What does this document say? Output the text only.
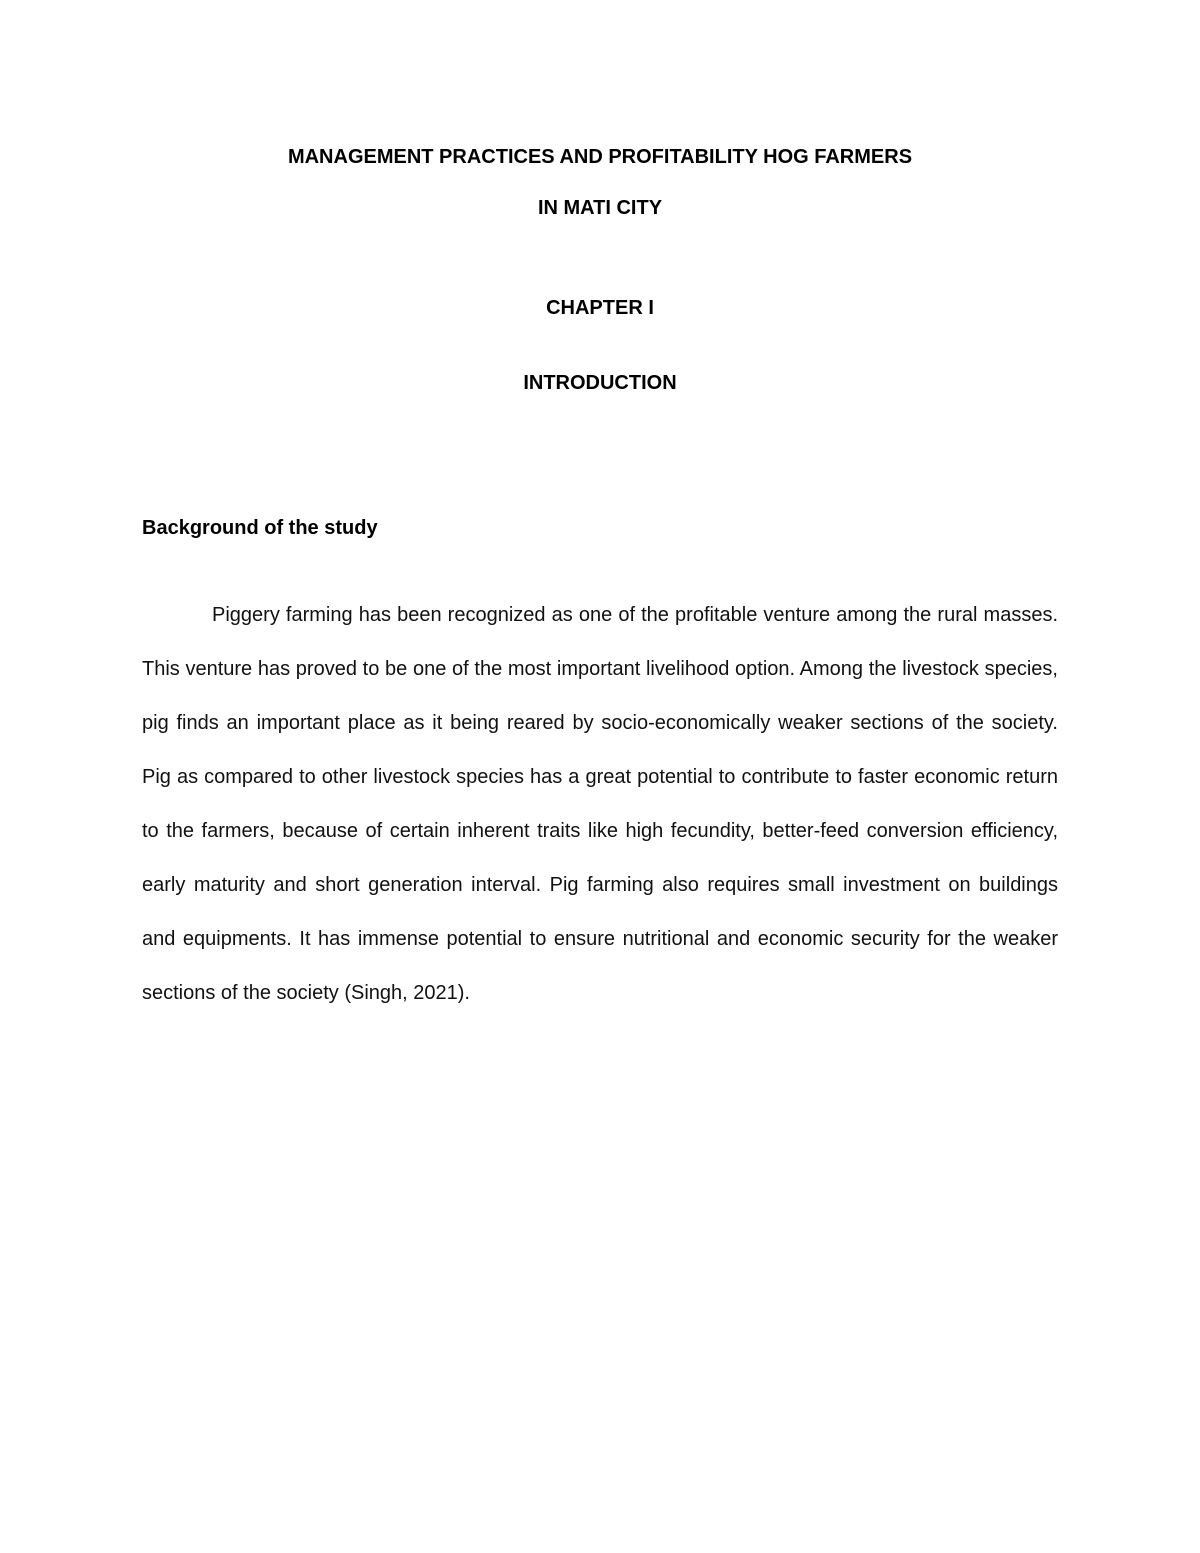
MANAGEMENT PRACTICES AND PROFITABILITY HOG FARMERS
IN MATI CITY
CHAPTER I
INTRODUCTION
Background of the study

Piggery farming has been recognized as one of the profitable venture among the rural masses. This venture has proved to be one of the most important livelihood option. Among the livestock species, pig finds an important place as it being reared by socio-economically weaker sections of the society. Pig as compared to other livestock species has a great potential to contribute to faster economic return to the farmers, because of certain inherent traits like high fecundity, better-feed conversion efficiency, early maturity and short generation interval. Pig farming also requires small investment on buildings and equipments. It has immense potential to ensure nutritional and economic security for the weaker sections of the society (Singh, 2021).
